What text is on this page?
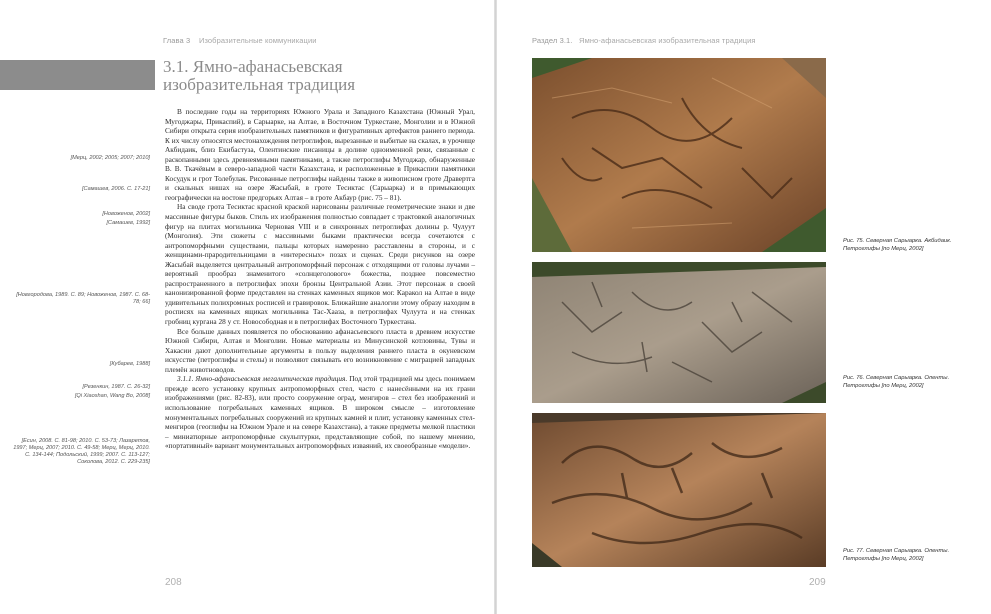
Глава 3 Изобразительные коммуникации
3.1. Ямно-афанасьевская
изобразительная традиция
[Мерц, 2002; 2005; 2007; 2010]
[Самашев, 2006. С. 17-21]
[Новоженов, 2002]
[Самашев, 1992]
[Новгородова, 1989. С. 89; Новоженов, 1987. С. 68-78; 66]
[Кубарев, 1988]
[Резенкин, 1987. С. 26-32]
[Qi Xiaoshan, Wang Bo, 2008]
[Есин, 2008. С. 81-98; 2010. С. 53-73; Лазаретов, 1997; Мерц, 2007; 2010. С. 49-58; Мерц, Мерц, 2010. С. 134-144; Подольский, 1999; 2007. С. 113-127; Соколова, 2012. С. 229-235]

В последние годы на территориях Южного Урала и Западного Казахстана (Южный Урал, Мугоджары, Прикаспий), в Сарыарке, на Алтае, в Восточном Туркестане, Монголии и в Южной Сибири открыта серия изобразительных памятников и фигуративных артефактов раннего периода. К их числу относятся местонахождения петроглифов, вырезанные и выбитые на скалах, в урочище Акбидаик, близ Екибастуза, Олентинские писаницы в долине одноименной реки, связанные с раскопанными здесь древнеямными памятниками, а также петроглифы Мугоджар, обнаруженные В. В. Ткачёвым в северо-западной части Казахстана, и расположенные в Прикаспии памятники Косудук и грот Толебулак. Рисованные петроглифы найдены также в живописном гроте Дравертга и скальных нишах на озере Жасыбай, в гроте Тесиктас (Сарыарка) и в примыкающих географически на востоке предгорьях Алтая – в гроте Акбаур (рис. 75 – 81).

На своде грота Тесиктас красной краской нарисованы различные геометрические знаки и две массивные фигуры быков. Стиль их изображения полностью совпадает с трактовкой аналогичных фигур на плитах могильника Черновая VIII и в синхронных петроглифах долины р. Чулуут (Монголия). Эти сюжеты с массивными быками практически всегда сочетаются с антропоморфными существами, пальцы которых намеренно расставлены в стороны, и с женщинами-прародительницами в «интересных» позах и сценах. Среди рисунков на озере Жасыбай выделяется центральный антропоморфный персонаж с отходящими от головы лучами – вероятный прообраз знаменитого «солнцеголового» божества, позднее повсеместно распространенного в петроглифах эпохи бронзы Центральной Азии. Этот персонаж в своей канонизированной форме представлен на стенках каменных ящиков мог. Каракол на Алтае в виде удивительных полихромных росписей и гравировок. Ближайшие аналогии этому образу находим в росписях на каменных ящиках могильника Тас-Хааза, в петроглифах Чулуута и на стенках гробниц кургана 28 у ст. Новосободная и в петроглифах Восточного Туркестана.

Все больше данных появляется по обоснованию афанасьевского пласта в древнем искусстве Южной Сибири, Алтая и Монголии. Новые материалы из Минусинской котловины, Тувы и Хакасии дают дополнительные аргументы в пользу выделения раннего пласта в окуневском искусстве (петроглифы и стелы) и позволяют связывать его возникновение с миграцией западных племён животноводов.

3.1.1. Ямно-афанасьевская мегалитическая традиция. Под этой традицией мы здесь понимаем прежде всего установку крупных антропоморфных стел, часто с нанесёнными на их грани изображениями (рис. 82-83), или просто сооружение оград, менгиров – стел без изображений и использование погребальных каменных ящиков. В широком смысле – изготовление монументальных погребальных сооружений из крупных камней и плит, установку каменных стел-менгиров (геоглифы на Южном Урале и на севере Казахстана), а также предметы мелкой пластики – миниатюрные антропоморфные скульптурки, представляющие собой, по нашему мнению, «портативный» вариант монументальных антропоморфных изваяний, их своеобразные «модели».

208
Раздел 3.1. Ямно-афанасьевская изобразительная традиция
209
Рис. 75. Северная Сарыарка. Акбидаик. Петроглифы [по Мерц, 2002]
Рис. 76. Северная Сарыарка. Оленты. Петроглифы [по Мерц, 2002]
Рис. 77. Северная Сарыарка. Оленты. Петроглифы [по Мерц, 2002]
